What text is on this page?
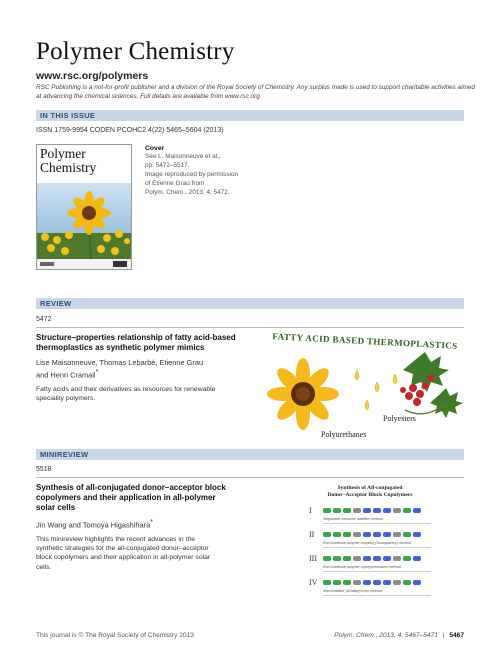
Polymer Chemistry
www.rsc.org/polymers
RSC Publishing is a not-for-profit publisher and a division of the Royal Society of Chemistry. Any surplus made is used to support charitable activities aimed at advancing the chemical sciences. Full details are available from www.rsc.org
IN THIS ISSUE
ISSN 1759-9954 CODEN PCOHC2 4(22) 5465–5604 (2013)
Polymer
Chemistry
Cover
See L. Maisonneuve et al.,
pp. 5472–5517.
Image reproduced by permission
of Etienne Grau from
Polym. Chem., 2013, 4, 5472.
REVIEW
5472
Structure–properties relationship of fatty acid-based
thermoplastics as synthetic polymer mimics
Lise Maisonneuve, Thomas Lebarbé, Etienne Grau
and Henri Cramail*
Fatty acids and their derivatives as resources for renewable
speciality polymers.
FATTY ACID BASED THERMOPLASTICS
Polyesters
Polyurethanes
MINIREVIEW
5518
Synthesis of all-conjugated donor–acceptor block
copolymers and their application in all-polymer
solar cells
Jin Wang and Tomoya Higashihara*
This minireview highlights the recent advances in the
synthetic strategies for the all-conjugated donor–acceptor
block copolymers and their application in all-polymer solar
cells.
Synthesis of All-conjugated
Donor–Acceptor Block Copolymers
I
Sequential monomer addition method
II
End-functional polymer coupling (Sonogashira) method
III
End-functional polymer copolymerization method
IV
Macroinitiator (Grafting from) method
This journal is © The Royal Society of Chemistry 2013	Polym. Chem., 2013, 4, 5467–5471 | 5467
